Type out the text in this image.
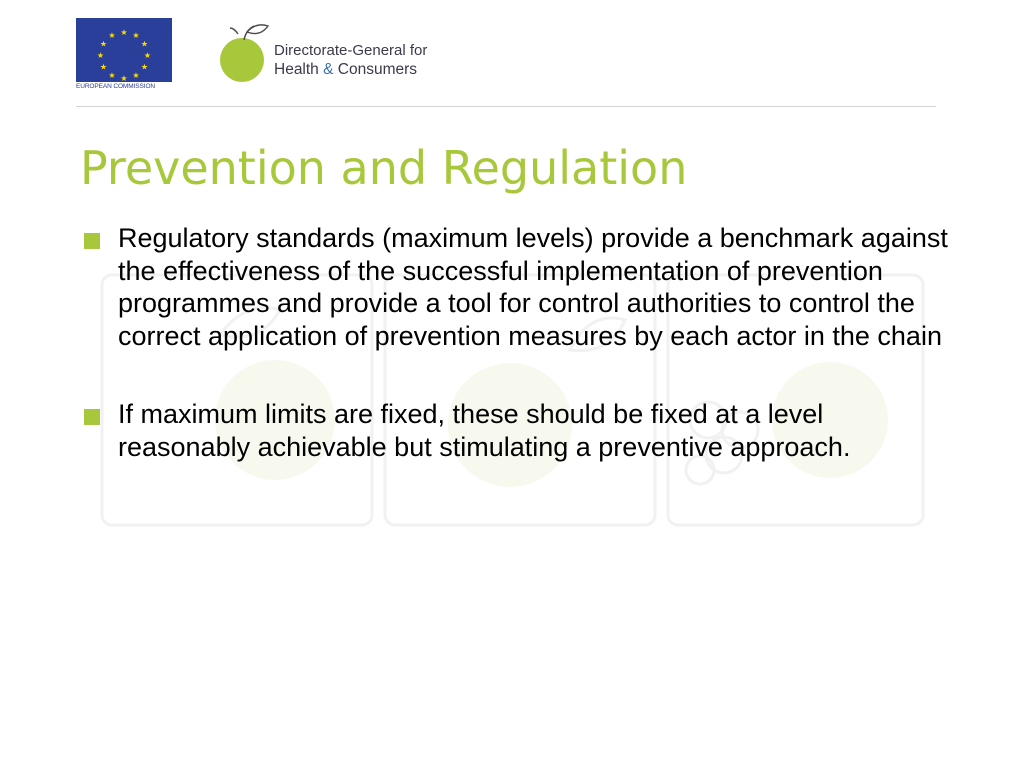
★ ★
★
★
★
★
★
★
★
★
★
★
EUROPEAN COMMISSION
Directorate-General for
Health & Consumers
Prevention and Regulation
Regulatory standards (maximum levels) provide a benchmark against the effectiveness of the successful implementation of prevention programmes and provide a tool for control authorities to control the correct application of prevention measures by each actor in the chain
If maximum limits are fixed, these should be fixed at a level reasonably achievable but stimulating a preventive approach.
